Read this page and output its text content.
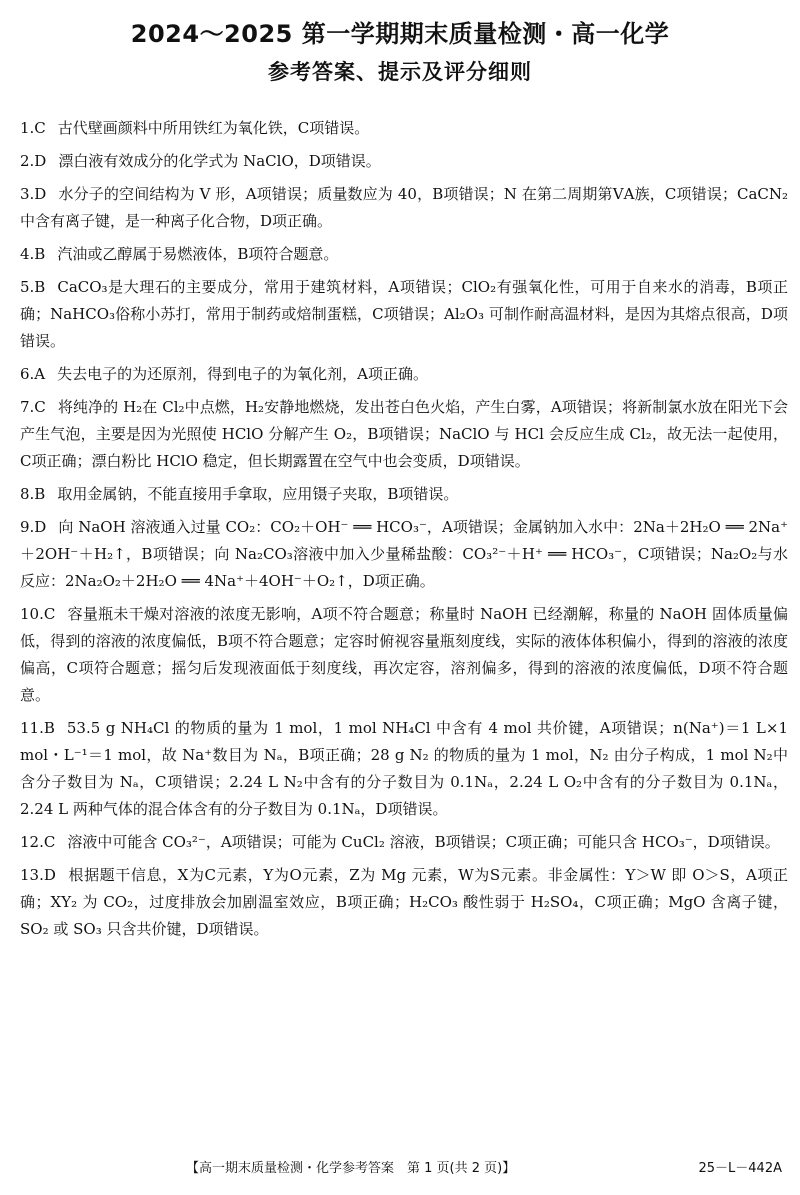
2024～2025 第一学期期末质量检测・高一化学
参考答案、提示及评分细则
1.C 古代壁画颜料中所用铁红为氧化铁，C项错误。
2.D 漂白液有效成分的化学式为 NaClO，D项错误。
3.D 水分子的空间结构为 V 形，A项错误；质量数应为 40，B项错误；N 在第二周期第ⅤA族，C项错误；CaCN₂中含有离子键，是一种离子化合物，D项正确。
4.B 汽油或乙醇属于易燃液体，B项符合题意。
5.B CaCO₃是大理石的主要成分，常用于建筑材料，A项错误；ClO₂有强氧化性，可用于自来水的消毒，B项正确；NaHCO₃俗称小苏打，常用于制药或焙制蛋糕，C项错误；Al₂O₃ 可制作耐高温材料，是因为其熔点很高，D项错误。
6.A 失去电子的为还原剂，得到电子的为氧化剂，A项正确。
7.C 将纯净的 H₂在 Cl₂中点燃，H₂安静地燃烧，发出苍白色火焰，产生白雾，A项错误；将新制氯水放在阳光下会产生气泡，主要是因为光照使 HClO 分解产生 O₂，B项错误；NaClO 与 HCl 会反应生成 Cl₂，故无法一起使用，C项正确；漂白粉比 HClO 稳定，但长期露置在空气中也会变质，D项错误。
8.B 取用金属钠，不能直接用手拿取，应用镊子夹取，B项错误。
9.D 向 NaOH 溶液通入过量 CO₂：CO₂＋OH⁻ ══ HCO₃⁻，A项错误；金属钠加入水中：2Na＋2H₂O ══ 2Na⁺＋2OH⁻＋H₂↑，B项错误；向 Na₂CO₃溶液中加入少量稀盐酸：CO₃²⁻＋H⁺ ══ HCO₃⁻，C项错误；Na₂O₂与水反应：2Na₂O₂＋2H₂O ══ 4Na⁺＋4OH⁻＋O₂↑，D项正确。
10.C 容量瓶未干燥对溶液的浓度无影响，A项不符合题意；称量时 NaOH 已经潮解，称量的 NaOH 固体质量偏低，得到的溶液的浓度偏低，B项不符合题意；定容时俯视容量瓶刻度线，实际的液体体积偏小，得到的溶液的浓度偏高，C项符合题意；摇匀后发现液面低于刻度线，再次定容，溶剂偏多，得到的溶液的浓度偏低，D项不符合题意。
11.B 53.5 g NH₄Cl 的物质的量为 1 mol，1 mol NH₄Cl 中含有 4 mol 共价键，A项错误；n(Na⁺)＝1 L×1 mol・L⁻¹＝1 mol，故 Na⁺数目为 Nₐ，B项正确；28 g N₂ 的物质的量为 1 mol，N₂ 由分子构成，1 mol N₂中含分子数目为 Nₐ，C项错误；2.24 L N₂中含有的分子数目为 0.1Nₐ，2.24 L O₂中含有的分子数目为 0.1Nₐ，2.24 L 两种气体的混合体含有的分子数目为 0.1Nₐ，D项错误。
12.C 溶液中可能含 CO₃²⁻，A项错误；可能为 CuCl₂ 溶液，B项错误；C项正确；可能只含 HCO₃⁻，D项错误。
13.D 根据题干信息，X为C元素，Y为O元素，Z为 Mg 元素，W为S元素。非金属性：Y＞W 即 O＞S，A项正确；XY₂ 为 CO₂，过度排放会加剧温室效应，B项正确；H₂CO₃ 酸性弱于 H₂SO₄，C项正确；MgO 含离子键，SO₂ 或 SO₃ 只含共价键，D项错误。
【高一期末质量检测・化学参考答案　第 1 页(共 2 页)】	25－L－442A
